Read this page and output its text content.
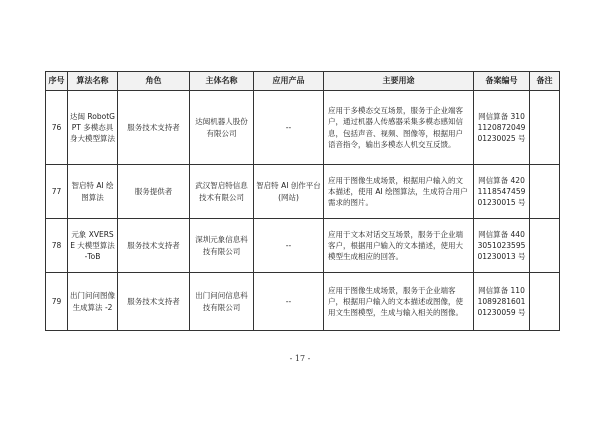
序号	算法名称	角色	主体名称	应用产品	主要用途	备案编号	备注
76	达闼 RobotGPT 多模态具身大模型算法	服务技术支持者	达闼机器人股份有限公司	--	应用于多模态交互场景，服务于企业端客户，通过机器人传感器采集多模态感知信息，包括声音、视频、图像等，根据用户语音指令，输出多模态人机交互反馈。	网信算备 310112087204901230025 号	
77	智启特 AI 绘图算法	服务提供者	武汉智启特信息技术有限公司	智启特 AI 创作平台(网站)	应用于图像生成场景，根据用户输入的文本描述，使用 AI 绘图算法，生成符合用户需求的图片。	网信算备 420111854745901230015 号	
78	元象 XVERSE 大模型算法 -ToB	服务技术支持者	深圳元象信息科技有限公司	--	应用于文本对话交互场景，服务于企业端客户，根据用户输入的文本描述，使用大模型生成相应的回答。	网信算备 440305102359501230013 号	
79	出门问问图像生成算法 -2	服务技术支持者	出门问问信息科技有限公司	--	应用于图像生成场景，服务于企业端客户，根据用户输入的文本描述或图像，使用文生图模型，生成与输入相关的图像。	网信算备 110108928160101230059 号	
- 17 -
